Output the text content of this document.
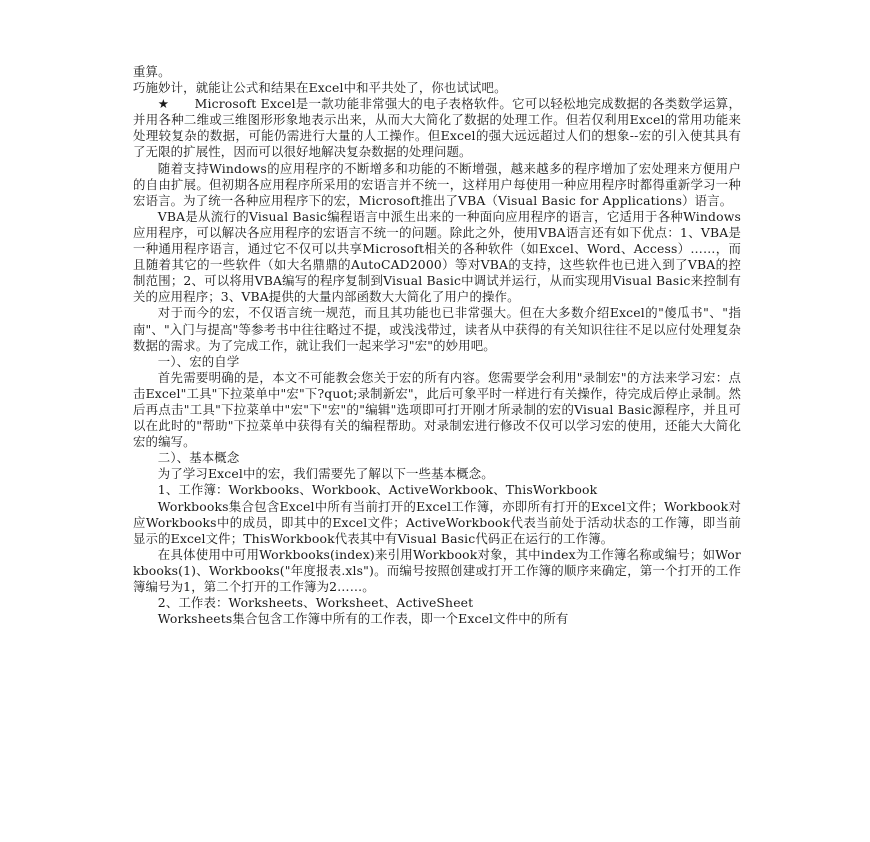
重算。

巧施妙计，就能让公式和结果在Excel中和平共处了，你也试试吧。

★　　Microsoft Excel是一款功能非常强大的电子表格软件。它可以轻松地完成数据的各类数学运算，并用各种二维或三维图形形象地表示出来，从而大大简化了数据的处理工作。但若仅利用Excel的常用功能来处理较复杂的数据，可能仍需进行大量的人工操作。但Excel的强大远远超过人们的想象--宏的引入使其具有了无限的扩展性，因而可以很好地解决复杂数据的处理问题。

随着支持Windows的应用程序的不断增多和功能的不断增强，越来越多的程序增加了宏处理来方便用户的自由扩展。但初期各应用程序所采用的宏语言并不统一，这样用户每使用一种应用程序时都得重新学习一种宏语言。为了统一各种应用程序下的宏，Microsoft推出了VBA（Visual Basic for Applications）语言。

VBA是从流行的Visual Basic编程语言中派生出来的一种面向应用程序的语言，它适用于各种Windows应用程序，可以解决各应用程序的宏语言不统一的问题。除此之外，使用VBA语言还有如下优点：1、VBA是一种通用程序语言，通过它不仅可以共享Microsoft相关的各种软件（如Excel、Word、Access）……，而且随着其它的一些软件（如大名鼎鼎的AutoCAD2000）等对VBA的支持，这些软件也已进入到了VBA的控制范围；2、可以将用VBA编写的程序复制到Visual Basic中调试并运行，从而实现用Visual Basic来控制有关的应用程序；3、VBA提供的大量内部函数大大简化了用户的操作。

对于而今的宏，不仅语言统一规范，而且其功能也已非常强大。但在大多数介绍Excel的"傻瓜书"、"指南"、"入门与提高"等参考书中往往略过不提，或浅浅带过，读者从中获得的有关知识往往不足以应付处理复杂数据的需求。为了完成工作，就让我们一起来学习"宏"的妙用吧。

一）、宏的自学

首先需要明确的是，本文不可能教会您关于宏的所有内容。您需要学会利用"录制宏"的方法来学习宏：点击Excel"工具"下拉菜单中"宏"下?quot;录制新宏"，此后可象平时一样进行有关操作，待完成后停止录制。然后再点击"工具"下拉菜单中"宏"下"宏"的"编辑"选项即可打开刚才所录制的宏的Visual Basic源程序，并且可以在此时的"帮助"下拉菜单中获得有关的编程帮助。对录制宏进行修改不仅可以学习宏的使用，还能大大简化宏的编写。

二）、基本概念

为了学习Excel中的宏，我们需要先了解以下一些基本概念。

1、工作簿：Workbooks、Workbook、ActiveWorkbook、ThisWorkbook

Workbooks集合包含Excel中所有当前打开的Excel工作簿，亦即所有打开的Excel文件；Workbook对应Workbooks中的成员，即其中的Excel文件；ActiveWorkbook代表当前处于活动状态的工作簿，即当前显示的Excel文件；ThisWorkbook代表其中有Visual Basic代码正在运行的工作簿。

在具体使用中可用Workbooks(index)来引用Workbook对象，其中index为工作簿名称或编号；如Workbooks(1)、Workbooks("年度报表.xls")。而编号按照创建或打开工作簿的顺序来确定，第一个打开的工作簿编号为1，第二个打开的工作簿为2……。

2、工作表：Worksheets、Worksheet、ActiveSheet

Worksheets集合包含工作簿中所有的工作表，即一个Excel文件中的所有
